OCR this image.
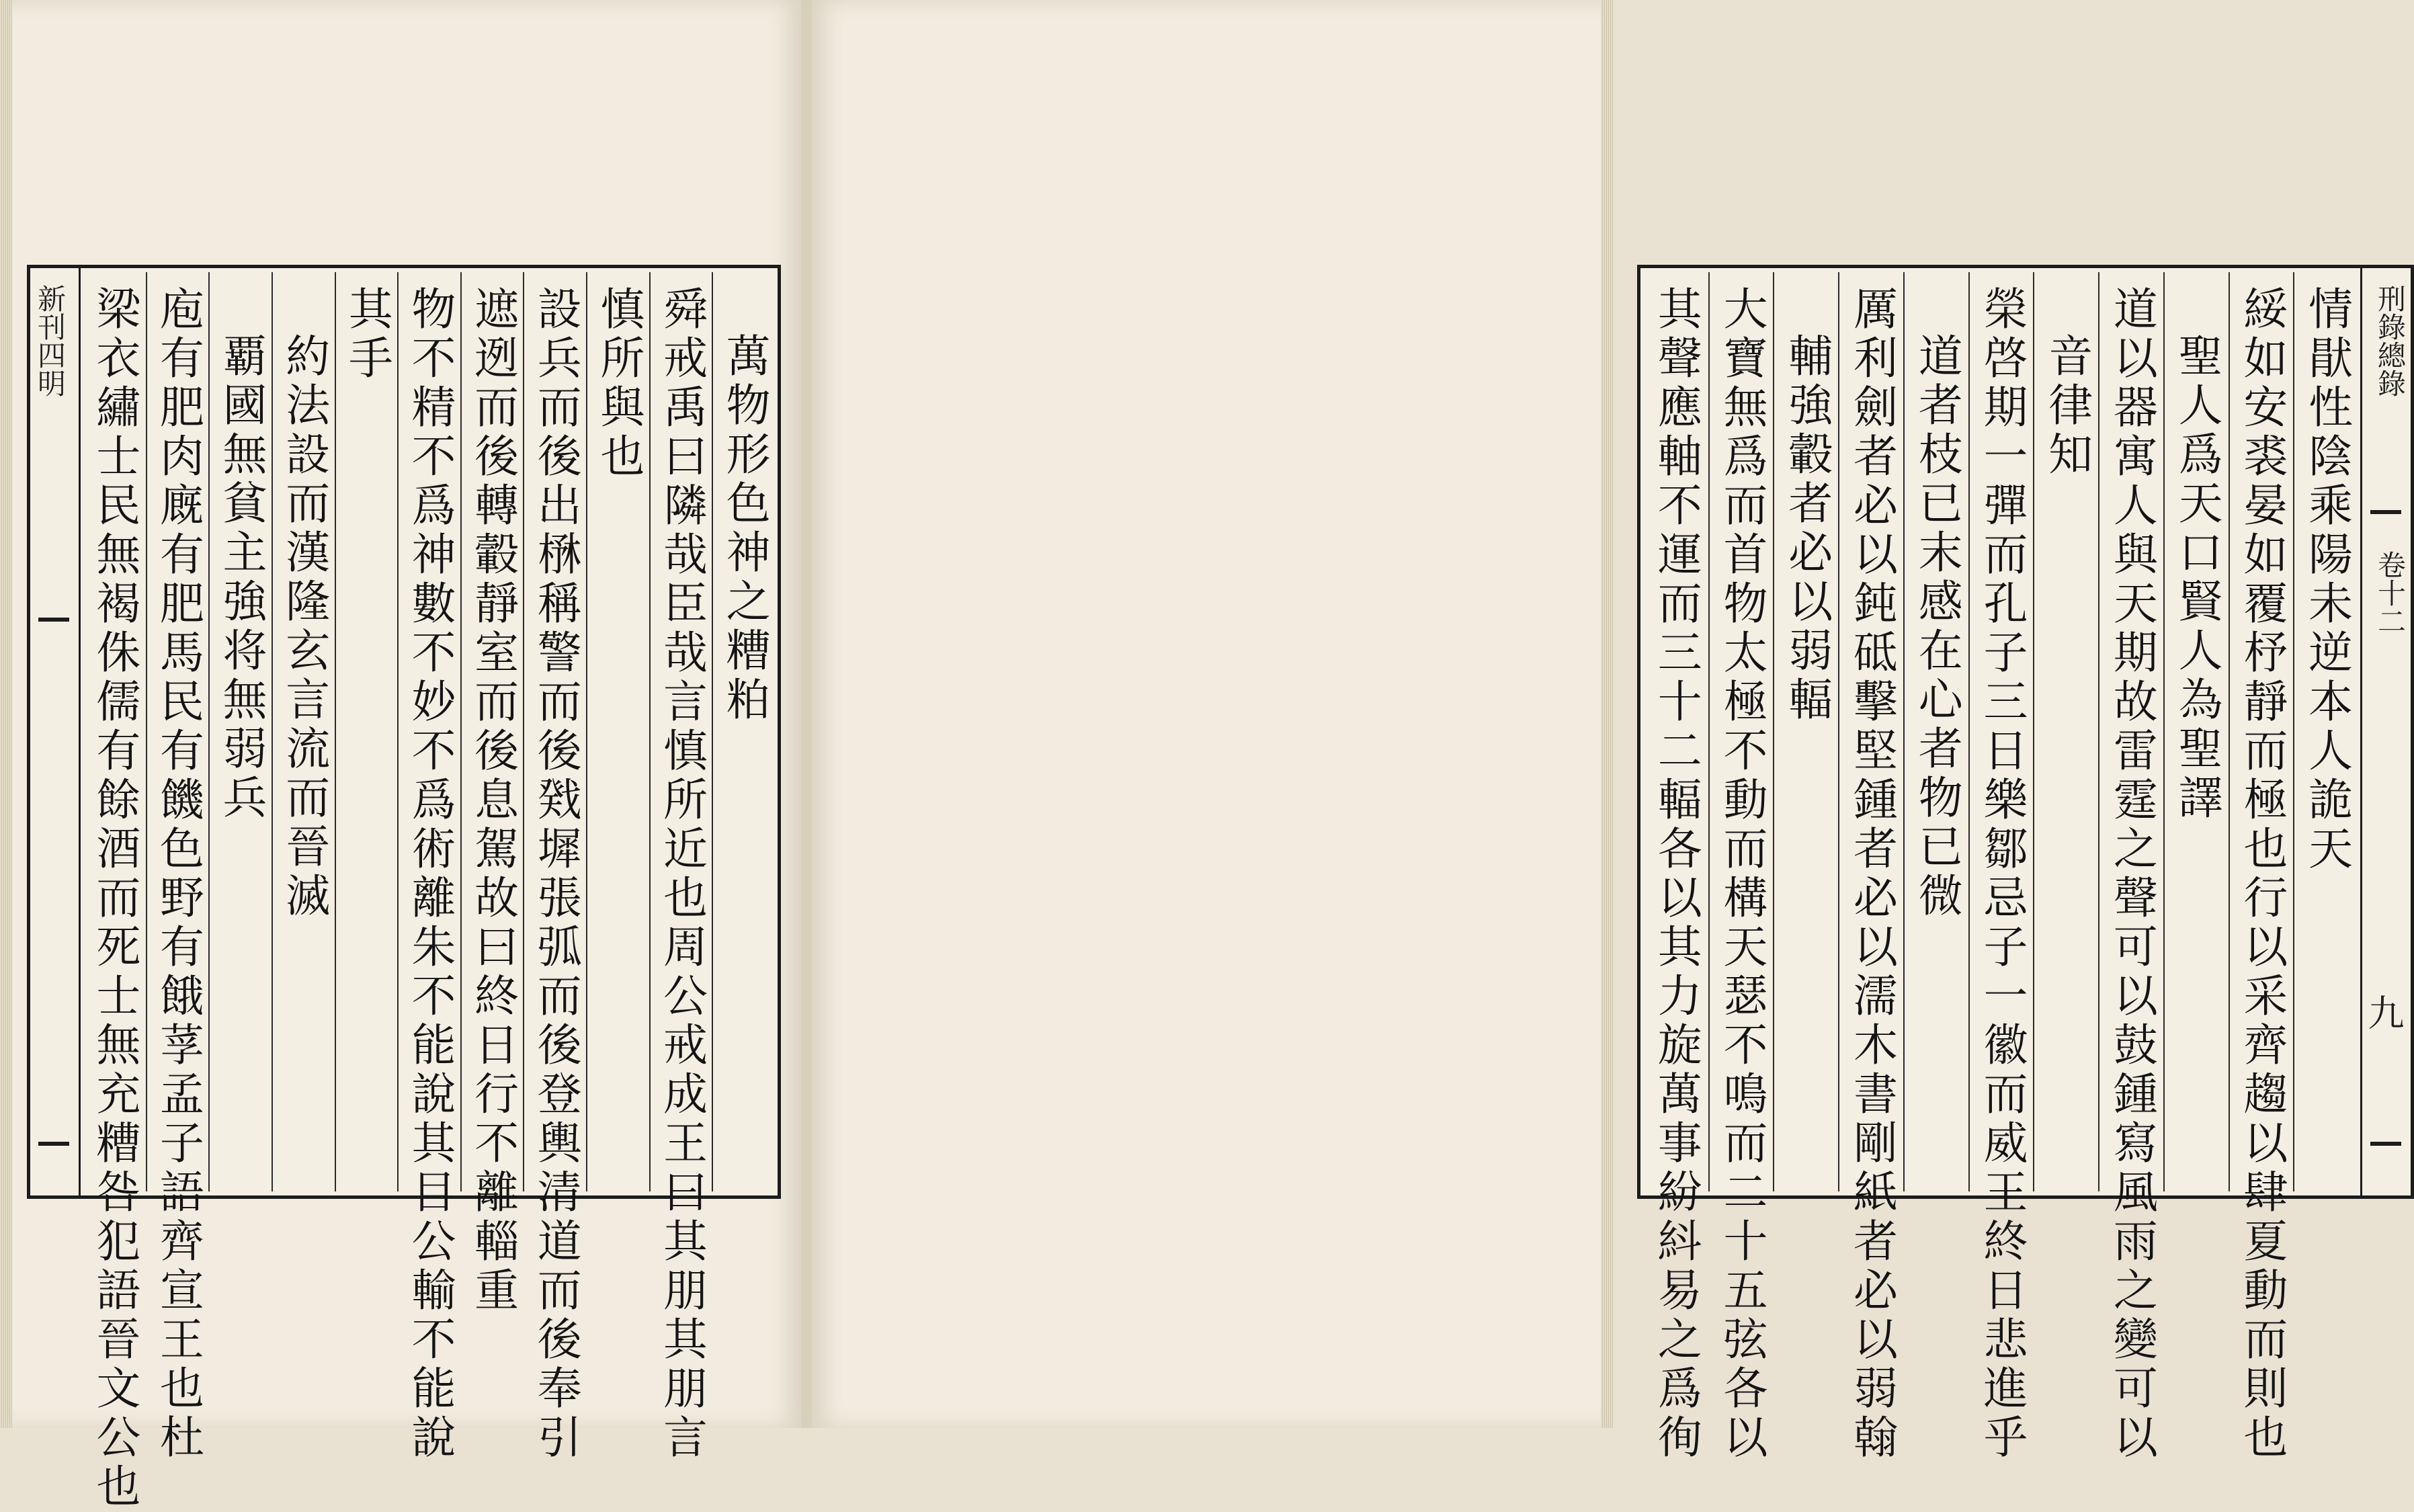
新刊四明	萬物形色神之糟粕
舜戒禹曰隣哉臣哉言慎所近也周公戒成王曰其朋其朋言
慎所與也
設兵而後出㮊稱警而後戣墀張弧而後登輿清道而後奉引
遮迾而後轉轂靜室而後息駕故曰終日行不離輜重
物不精不爲神數不妙不爲術離朱不能說其目公輸不能說
其手
約法設而漢隆玄言流而晉滅
覇國無貧主強将無弱兵
庖有肥肉廐有肥馬民有饑色野有餓莩孟子語齊宣王也杜
梁衣繡士民無褐侏儒有餘酒而死士無充糟咎犯語晉文公也	刑錄總錄
卷十二
九
情猒性陰乘陽未逆本人詭天
綏如安裘晏如覆杼靜而極也行以采齊趨以肆夏動而則也
聖人爲天口賢人為聖譯
道以器寓人與天期故雷霆之聲可以鼓鍾寫風雨之變可以
音律知
榮啓期一彈而孔子三日樂鄒忌子一徽而威王終日悲進乎
道者枝已末感在心者物已微
厲利劍者必以鈍砥擊堅鍾者必以濡木書剛紙者必以弱翰
輔強轂者必以弱輻
大寶無爲而首物太極不動而構天瑟不鳴而二十五弦各以
其聲應軸不運而三十二輻各以其力旋萬事紛紏易之爲徇
